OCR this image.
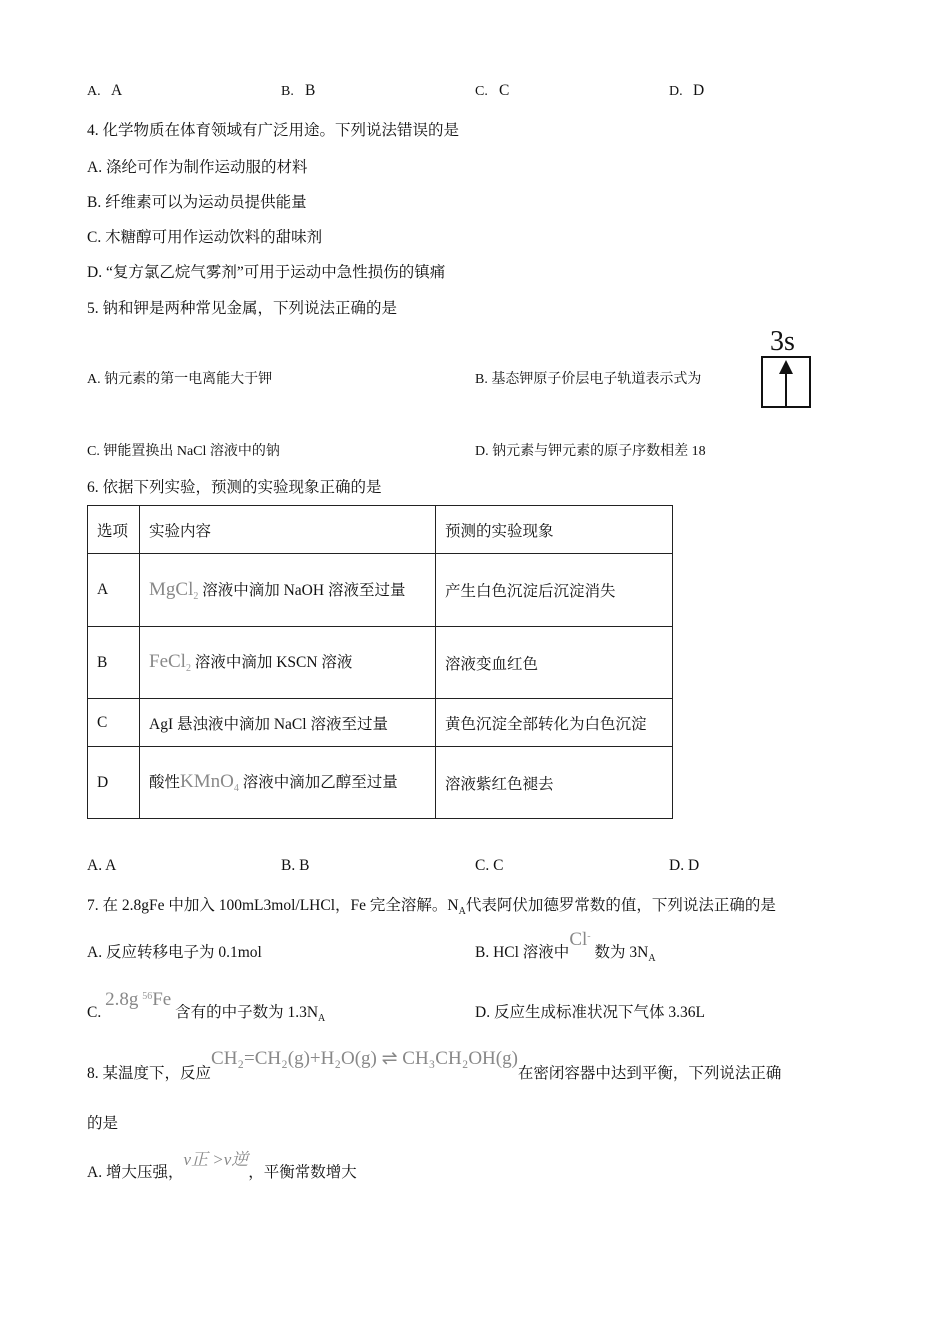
A. A	B. B	C. C	D. D
4. 化学物质在体育领域有广泛用途。下列说法错误的是
A. 涤纶可作为制作运动服的材料
B. 纤维素可以为运动员提供能量
C. 木糖醇可用作运动饮料的甜味剂
D. “复方氯乙烷气雾剂”可用于运动中急性损伤的镇痛
5. 钠和钾是两种常见金属，下列说法正确的是
A. 钠元素的第一电离能大于钾	B. 基态钾原子价层电子轨道表示式为
3s
C. 钾能置换出 NaCl 溶液中的钠	D. 钠元素与钾元素的原子序数相差 18
6. 依据下列实验，预测的实验现象正确的是
选项	实验内容	预测的实验现象
A	MgCl$_2$ 溶液中滴加 NaOH 溶液至过量	产生白色沉淀后沉淀消失
B	FeCl$_2$ 溶液中滴加 KSCN 溶液	溶液变血红色
C	AgI 悬浊液中滴加 NaCl 溶液至过量	黄色沉淀全部转化为白色沉淀
D	酸性KMnO$_4$ 溶液中滴加乙醇至过量	溶液紫红色褪去
A. A	B. B	C. C	D. D
7. 在 2.8gFe 中加入 100mL3mol/LHCl，Fe 完全溶解。$N_A$代表阿伏加德罗常数的值，下列说法正确的是
A. 反应转移电子为 0.1mol	B. HCl 溶液中Cl- 数为 $3N_A$
C. 2.8g $^{56}$Fe 含有的中子数为 $1.3N_A$	D. 反应生成标准状况下气体 3.36L
8. 某温度下，反应CH₂=CH₂(g)+H₂O(g) ⇌ CH₃CH₂OH(g)在密闭容器中达到平衡，下列说法正确
的是
A. 增大压强，v正 >v逆，平衡常数增大
